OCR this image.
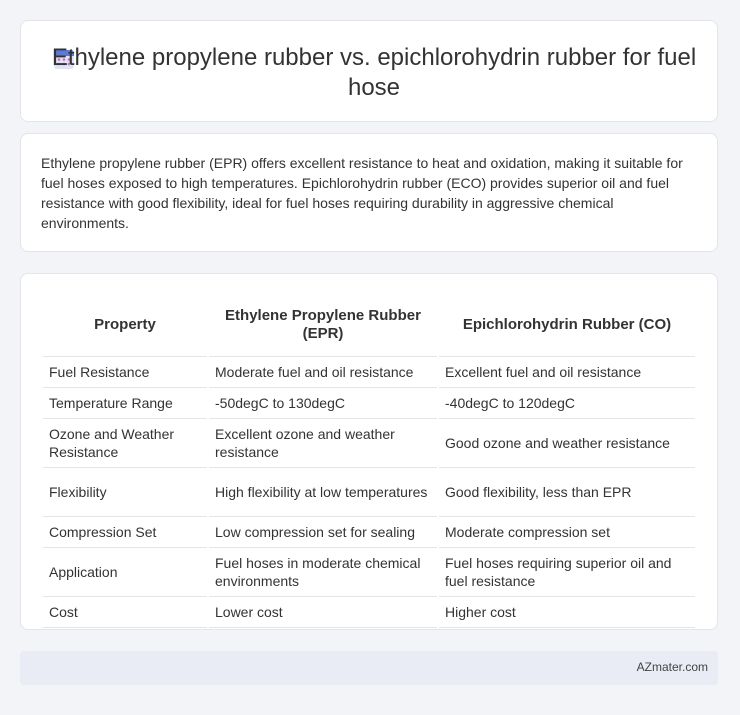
Ethylene propylene rubber vs. epichlorohydrin rubber for fuel hose

Ethylene propylene rubber (EPR) offers excellent resistance to heat and oxidation, making it suitable for fuel hoses exposed to high temperatures. Epichlorohydrin rubber (ECO) provides superior oil and fuel resistance with good flexibility, ideal for fuel hoses requiring durability in aggressive chemical environments.

Property	Ethylene Propylene Rubber (EPR)	Epichlorohydrin Rubber (CO)
Fuel Resistance	Moderate fuel and oil resistance	Excellent fuel and oil resistance
Temperature Range	-50degC to 130degC	-40degC to 120degC
Ozone and Weather Resistance	Excellent ozone and weather resistance	Good ozone and weather resistance
Flexibility	High flexibility at low temperatures	Good flexibility, less than EPR
Compression Set	Low compression set for sealing	Moderate compression set
Application	Fuel hoses in moderate chemical environments	Fuel hoses requiring superior oil and fuel resistance
Cost	Lower cost	Higher cost
AZmater.com
